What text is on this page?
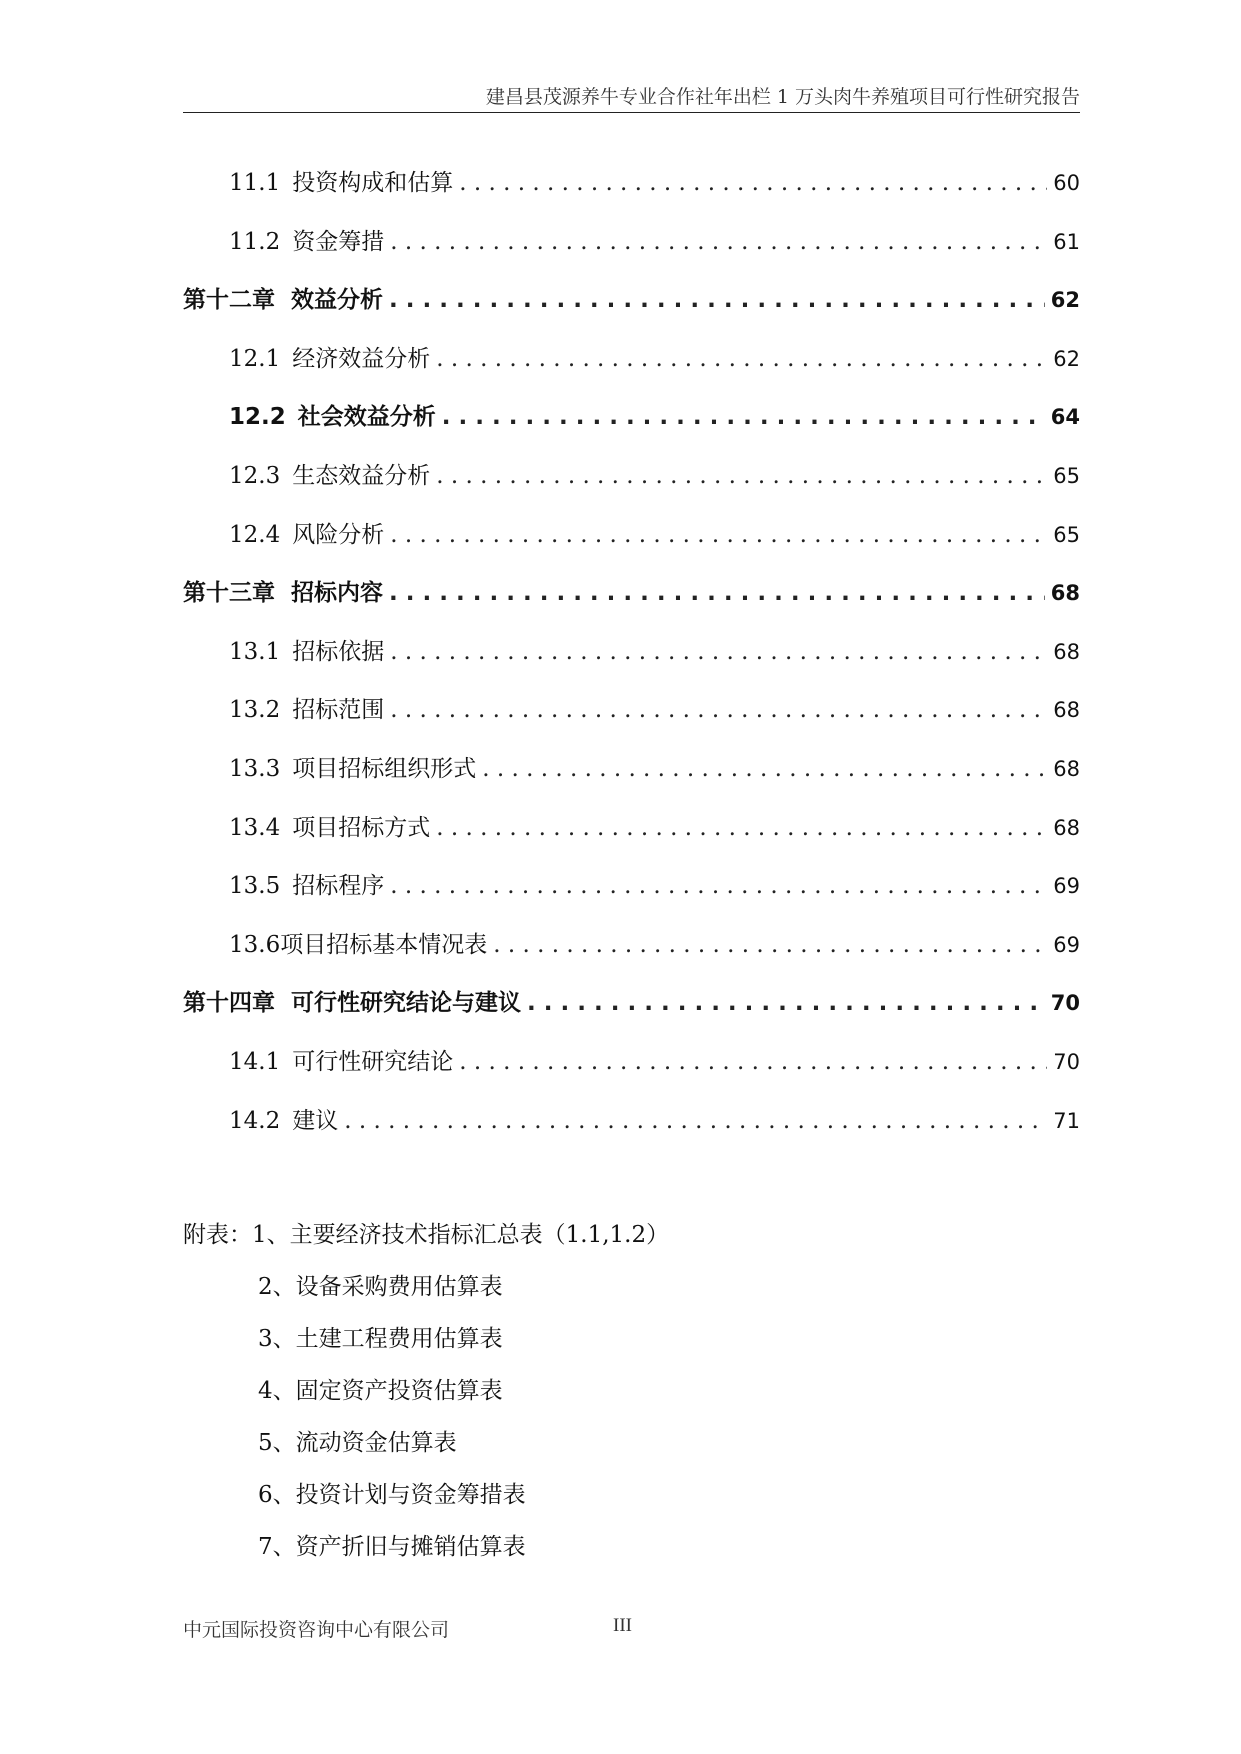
建昌县茂源养牛专业合作社年出栏 1 万头肉牛养殖项目可行性研究报告
11.1 投资构成和估算 . . .	60
11.2 资金筹措 . . .	61
第十二章 效益分析 . . .	62
12.1 经济效益分析 . . .	62
12.2 社会效益分析 . . .	64
12.3 生态效益分析 . . .	65
12.4 风险分析 . . .	65
第十三章 招标内容 . . .	68
13.1 招标依据 . . .	68
13.2 招标范围 . . .	68
13.3 项目招标组织形式 . . .	68
13.4 项目招标方式 . . .	68
13.5 招标程序 . . .	69
13.6 项目招标基本情况表 . . .	69
第十四章 可行性研究结论与建议 . . .	70
14.1 可行性研究结论 . . .	70
14.2 建议 . . .	71
附表：1、主要经济技术指标汇总表（1.1,1.2）
2、设备采购费用估算表
3、土建工程费用估算表
4、固定资产投资估算表
5、流动资金估算表
6、投资计划与资金筹措表
7、资产折旧与摊销估算表
中元国际投资咨询中心有限公司	III
